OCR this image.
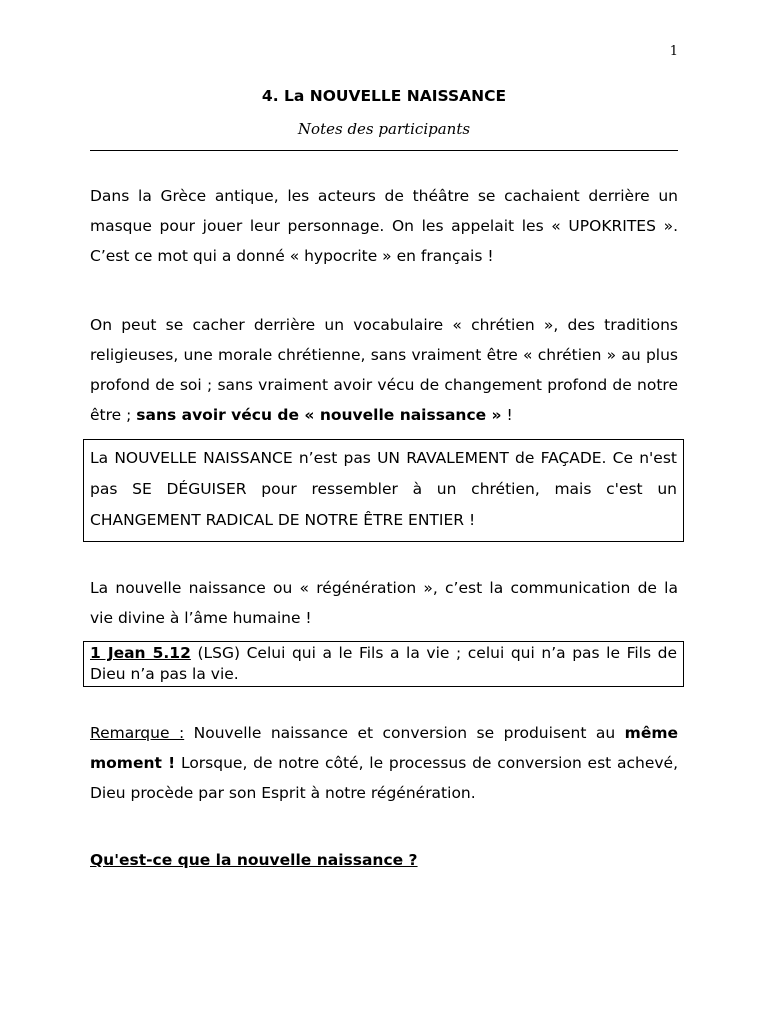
1
4. La NOUVELLE NAISSANCE
Notes des participants

Dans la Grèce antique, les acteurs de théâtre se cachaient derrière un masque pour jouer leur personnage. On les appelait les « UPOKRITES ». C’est ce mot qui a donné « hypocrite » en français !

On peut se cacher derrière un vocabulaire « chrétien », des traditions religieuses, une morale chrétienne, sans vraiment être « chrétien » au plus profond de soi ; sans vraiment avoir vécu de changement profond de notre être ; sans avoir vécu de « nouvelle naissance » !

La NOUVELLE NAISSANCE n’est pas UN RAVALEMENT de FAÇADE. Ce n'est pas SE DÉGUISER pour ressembler à un chrétien, mais c'est un CHANGEMENT RADICAL DE NOTRE ÊTRE ENTIER !

La nouvelle naissance ou « régénération », c’est la communication de la vie divine à l’âme humaine !

1 Jean 5.12 (LSG) Celui qui a le Fils a la vie ; celui qui n’a pas le Fils de Dieu n’a pas la vie.

Remarque : Nouvelle naissance et conversion se produisent au même moment ! Lorsque, de notre côté, le processus de conversion est achevé, Dieu procède par son Esprit à notre régénération.

Qu'est-ce que la nouvelle naissance ?
